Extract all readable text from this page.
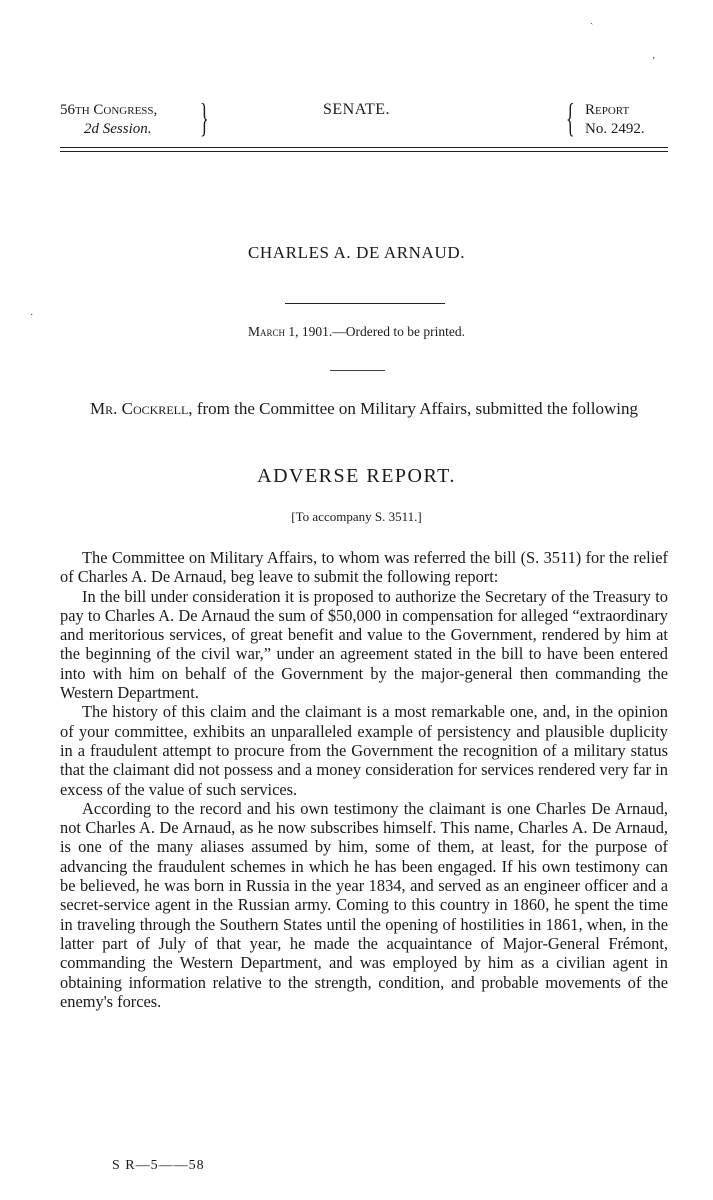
56th Congress,
2d Session. }	SENATE.	{ Report
No. 2492.
CHARLES A. DE ARNAUD.
March 1, 1901.—Ordered to be printed.
Mr. Cockrell, from the Committee on Military Affairs, submitted the following
ADVERSE REPORT.
[To accompany S. 3511.]

The Committee on Military Affairs, to whom was referred the bill (S. 3511) for the relief of Charles A. De Arnaud, beg leave to submit the following report:

In the bill under consideration it is proposed to authorize the Secretary of the Treasury to pay to Charles A. De Arnaud the sum of $50,000 in compensation for alleged “extraordinary and meritorious services, of great benefit and value to the Government, rendered by him at the beginning of the civil war,” under an agreement stated in the bill to have been entered into with him on behalf of the Government by the major-general then commanding the Western Department.

The history of this claim and the claimant is a most remarkable one, and, in the opinion of your committee, exhibits an unparalleled example of persistency and plausible duplicity in a fraudulent attempt to procure from the Government the recognition of a military status that the claimant did not possess and a money consideration for services rendered very far in excess of the value of such services.

According to the record and his own testimony the claimant is one Charles De Arnaud, not Charles A. De Arnaud, as he now subscribes himself. This name, Charles A. De Arnaud, is one of the many aliases assumed by him, some of them, at least, for the purpose of advancing the fraudulent schemes in which he has been engaged. If his own testimony can be believed, he was born in Russia in the year 1834, and served as an engineer officer and a secret-service agent in the Russian army. Coming to this country in 1860, he spent the time in traveling through the Southern States until the opening of hostilities in 1861, when, in the latter part of July of that year, he made the acquaintance of Major-General Frémont, commanding the Western Department, and was employed by him as a civilian agent in obtaining information relative to the strength, condition, and probable movements of the enemy's forces.

S R—5——58
ˏ
ʼ
·
